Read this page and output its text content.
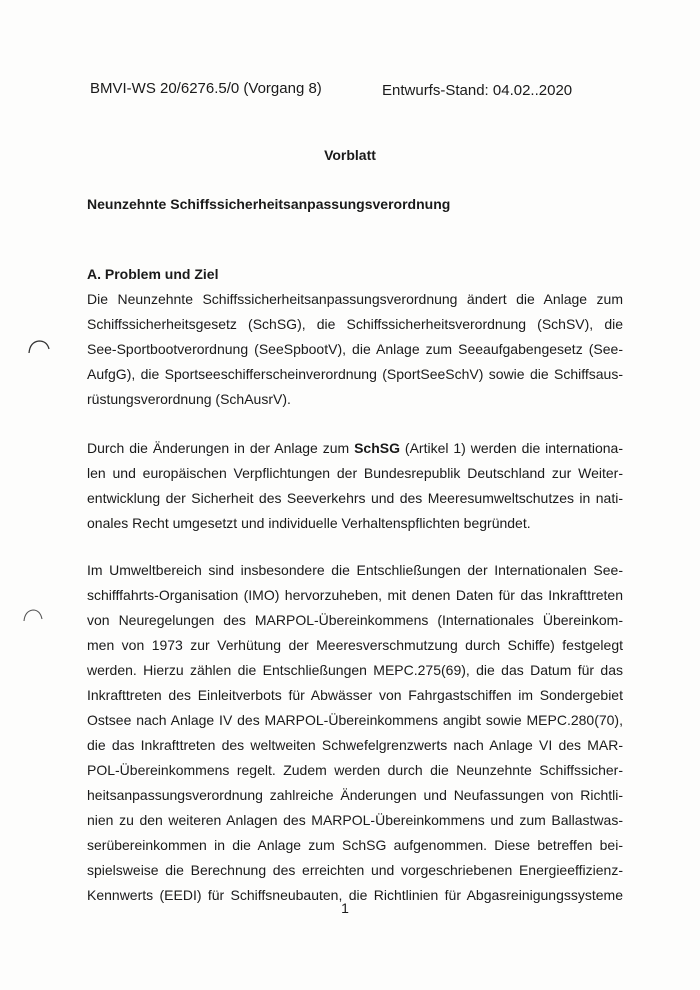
BMVI-WS 20/6276.5/0 (Vorgang 8)	Entwurfs-Stand: 04.02..2020
Vorblatt
Neunzehnte Schiffssicherheitsanpassungsverordnung
A. Problem und Ziel
Die Neunzehnte Schiffssicherheitsanpassungsverordnung ändert die Anlage zum
Schiffssicherheitsgesetz (SchSG), die Schiffssicherheitsverordnung (SchSV), die
See-Sportbootverordnung (SeeSpbootV), die Anlage zum Seeaufgabengesetz (See-
AufgG), die Sportseeschifferscheinverordnung (SportSeeSchV) sowie die Schiffsaus-
rüstungsverordnung (SchAusrV).
Durch die Änderungen in der Anlage zum SchSG (Artikel 1) werden die internationa-
len und europäischen Verpflichtungen der Bundesrepublik Deutschland zur Weiter-
entwicklung der Sicherheit des Seeverkehrs und des Meeresumweltschutzes in nati-
onales Recht umgesetzt und individuelle Verhaltenspflichten begründet.
Im Umweltbereich sind insbesondere die Entschließungen der Internationalen See-
schifffahrts-Organisation (IMO) hervorzuheben, mit denen Daten für das Inkrafttreten
von Neuregelungen des MARPOL-Übereinkommens (Internationales Übereinkom-
men von 1973 zur Verhütung der Meeresverschmutzung durch Schiffe) festgelegt
werden. Hierzu zählen die Entschließungen MEPC.275(69), die das Datum für das
Inkrafttreten des Einleitverbots für Abwässer von Fahrgastschiffen im Sondergebiet
Ostsee nach Anlage IV des MARPOL-Übereinkommens angibt sowie MEPC.280(70),
die das Inkrafttreten des weltweiten Schwefelgrenzwerts nach Anlage VI des MAR-
POL-Übereinkommens regelt. Zudem werden durch die Neunzehnte Schiffssicher-
heitsanpassungsverordnung zahlreiche Änderungen und Neufassungen von Richtli-
nien zu den weiteren Anlagen des MARPOL-Übereinkommens und zum Ballastwas-
serübereinkommen in die Anlage zum SchSG aufgenommen. Diese betreffen bei-
spielsweise die Berechnung des erreichten und vorgeschriebenen Energieeffizienz-
Kennwerts (EEDI) für Schiffsneubauten, die Richtlinien für Abgasreinigungssysteme
1
